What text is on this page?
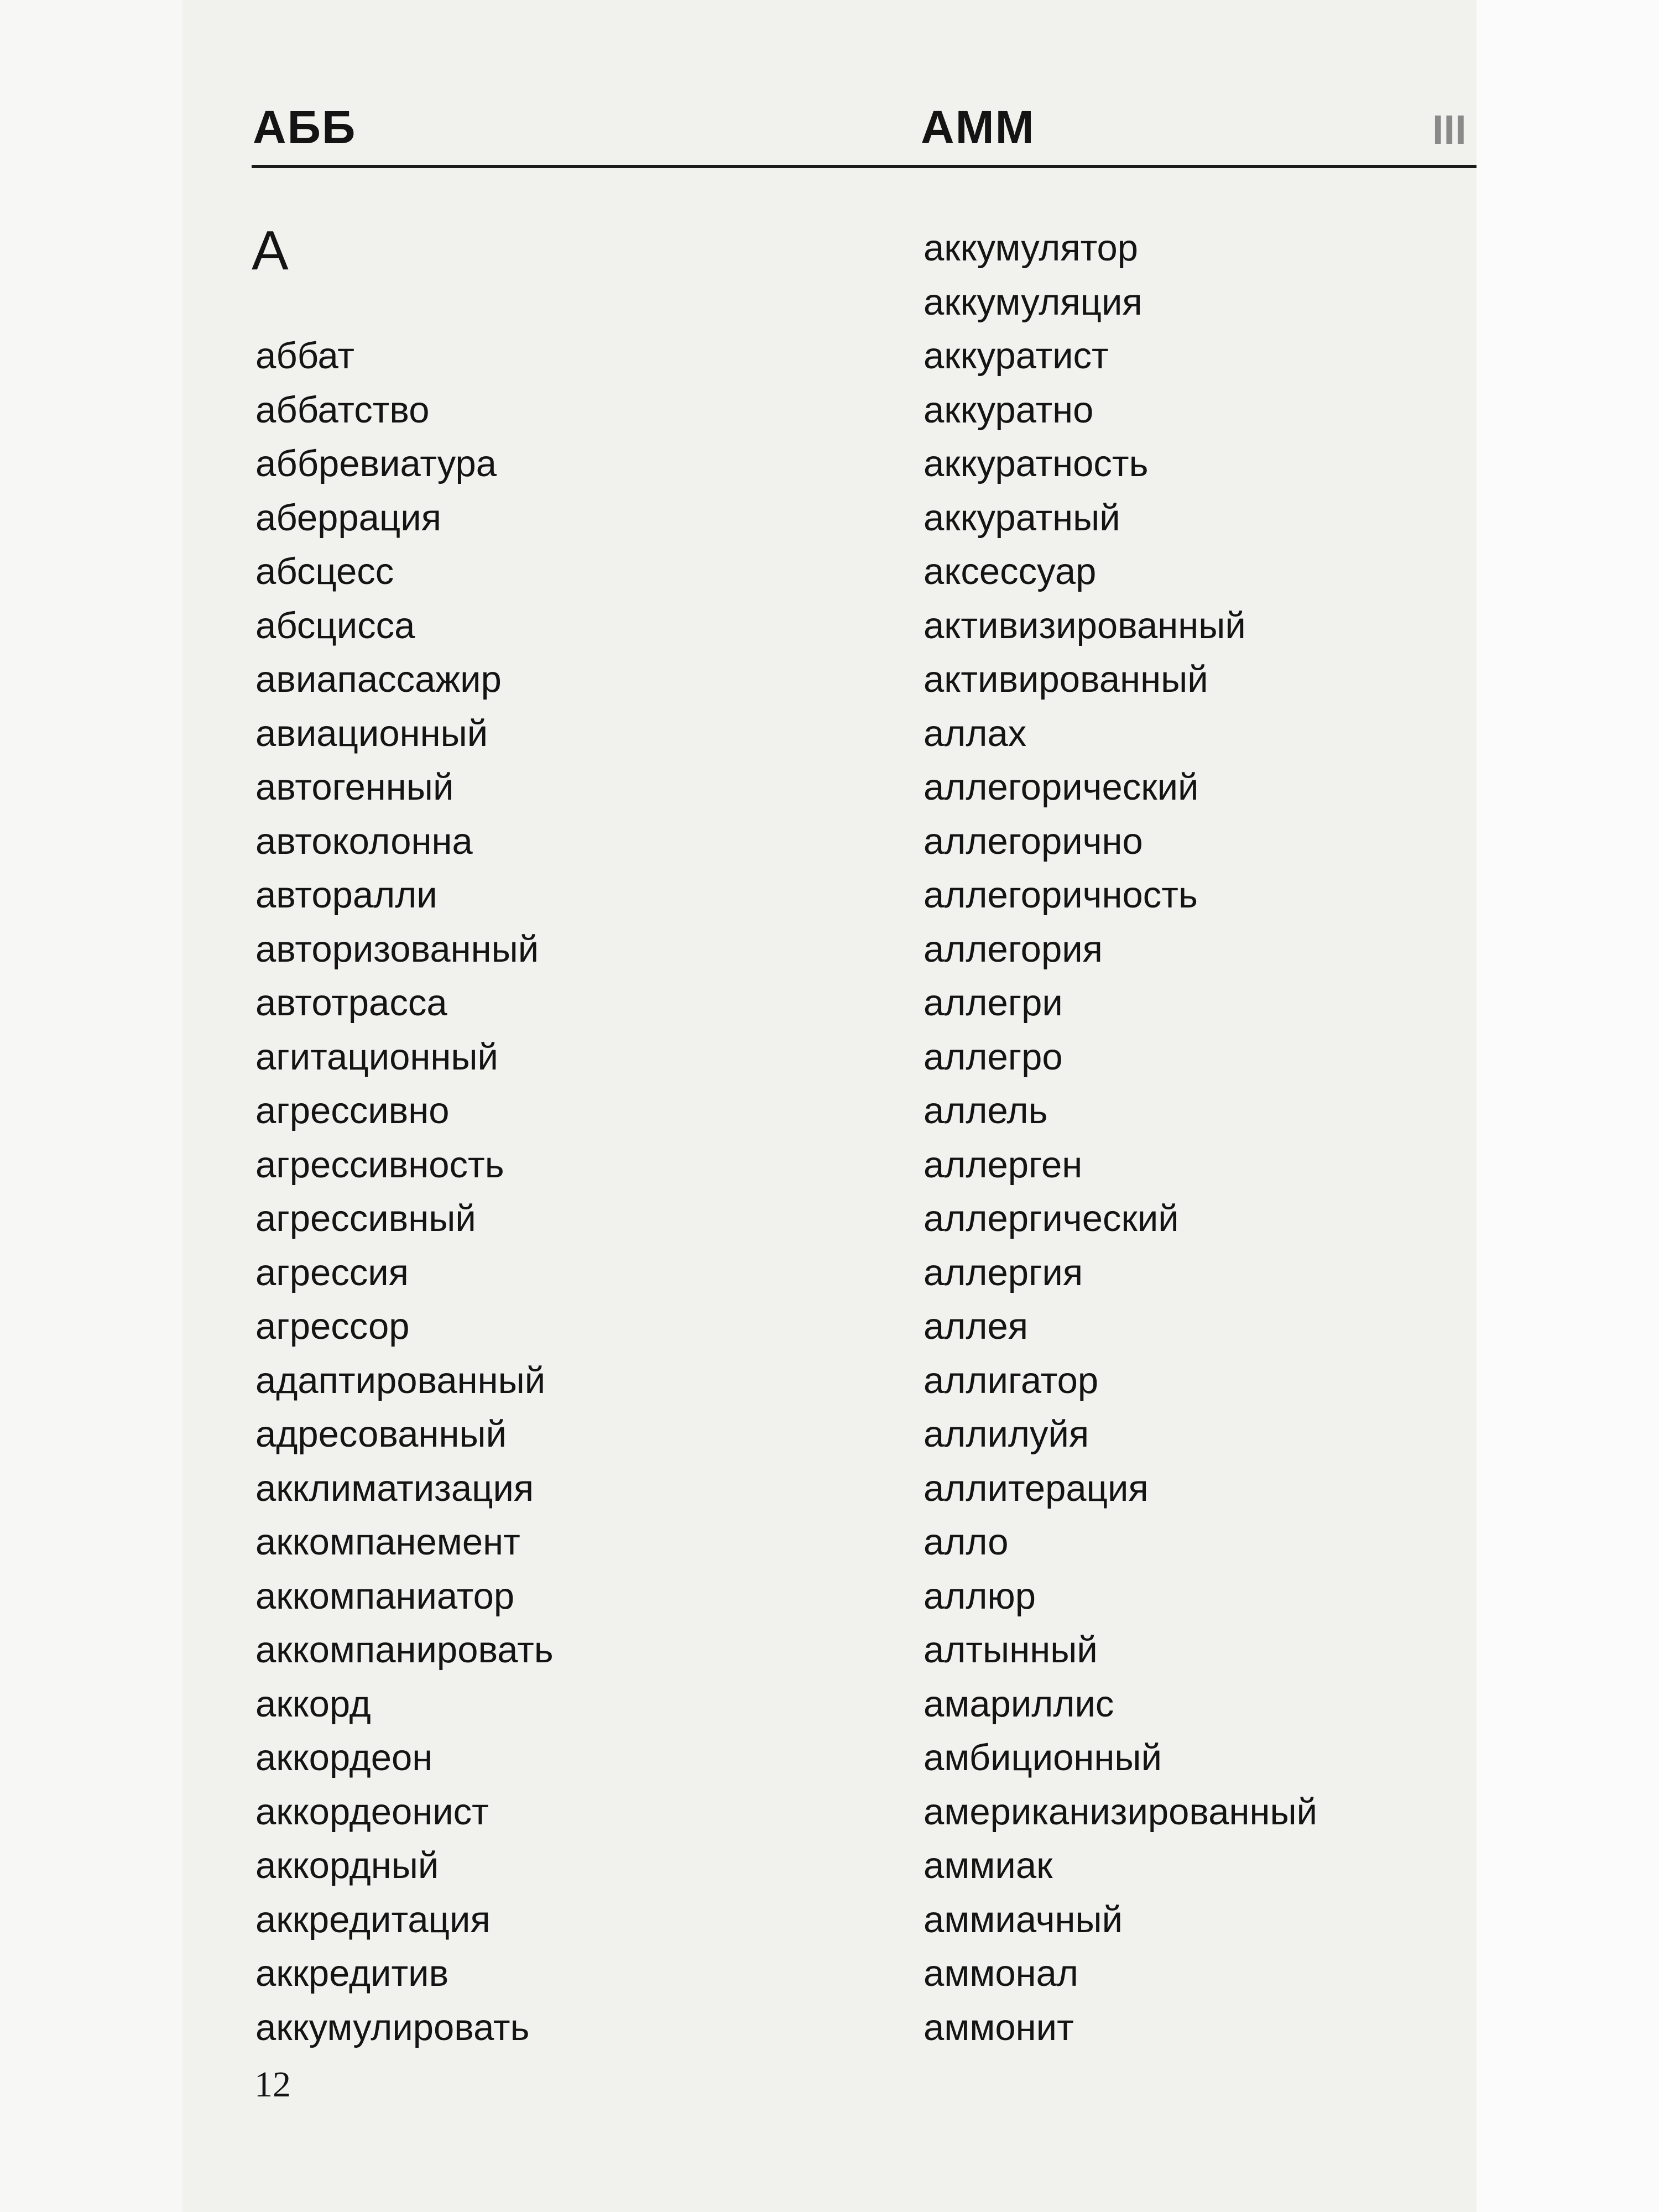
АББ	АММ	III
А
аббат
аббатство
аббревиатура
аберрация
абсцесс
абсцисса
авиапассажир
авиационный
автогенный
автоколонна
авторалли
авторизованный
автотрасса
агитационный
агрессивно
агрессивность
агрессивный
агрессия
агрессор
адаптированный
адресованный
акклиматизация
аккомпанемент
аккомпаниатор
аккомпанировать
аккорд
аккордеон
аккордеонист
аккордный
аккредитация
аккредитив
аккумулировать
аккумулятор
аккумуляция
аккуратист
аккуратно
аккуратность
аккуратный
аксессуар
активизированный
активированный
аллах
аллегорический
аллегорично
аллегоричность
аллегория
аллегри
аллегро
аллель
аллерген
аллергический
аллергия
аллея
аллигатор
аллилуйя
аллитерация
алло
аллюр
алтынный
амариллис
амбиционный
американизированный
аммиак
аммиачный
аммонал
аммонит
12
